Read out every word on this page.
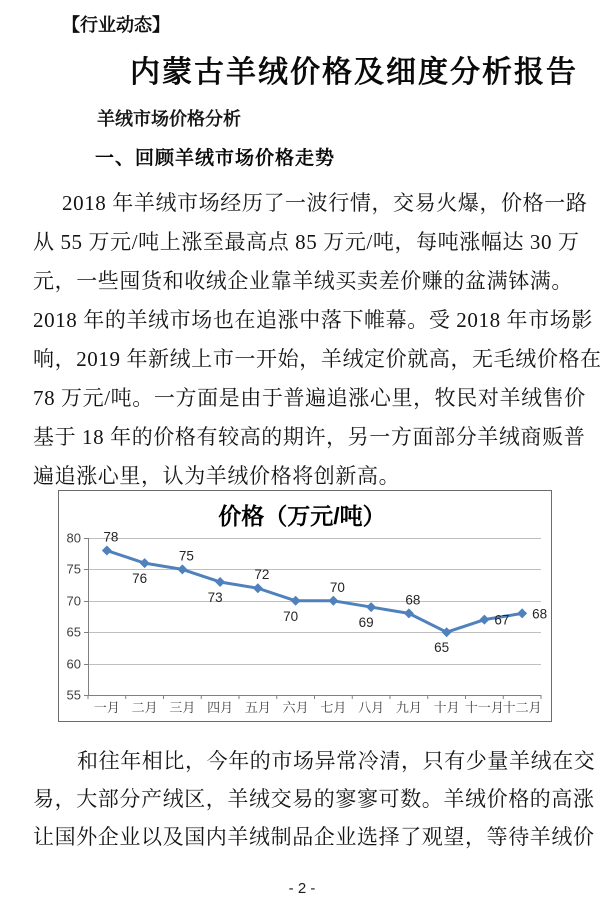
【行业动态】
内蒙古羊绒价格及细度分析报告
羊绒市场价格分析
一、回顾羊绒市场价格走势
2018 年羊绒市场经历了一波行情，交易火爆，价格一路
从 55 万元/吨上涨至最高点 85 万元/吨，每吨涨幅达 30 万
元，一些囤货和收绒企业靠羊绒买卖差价赚的盆满钵满。
2018 年的羊绒市场也在追涨中落下帷幕。受 2018 年市场影
响，2019 年新绒上市一开始，羊绒定价就高，无毛绒价格在
78 万元/吨。一方面是由于普遍追涨心里，牧民对羊绒售价
基于 18 年的价格有较高的期许，另一方面部分羊绒商贩普
遍追涨心里，认为羊绒价格将创新高。
价格（万元/吨）
55
60
65
70
75
80
一月 二月 三月 四月 五月 六月 七月 八月 九月 十月 十一月
十二月
78
76
75
73
72
70
70
69
68
65
67 68
和往年相比，今年的市场异常冷清，只有少量羊绒在交
易，大部分产绒区，羊绒交易的寥寥可数。羊绒价格的高涨
让国外企业以及国内羊绒制品企业选择了观望，等待羊绒价
- 2 -
